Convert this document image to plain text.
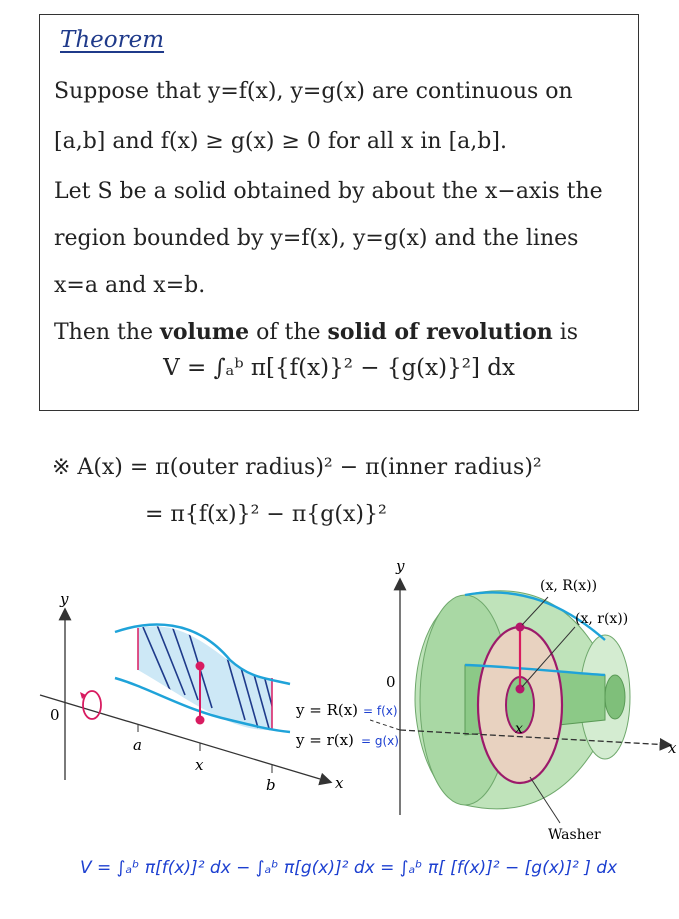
Theorem
Suppose that y=f(x), y=g(x) are continuous on
[a,b] and f(x) ≥ g(x) ≥ 0 for all x in [a,b].
Let S be a solid obtained by about the x−axis the
region bounded by y=f(x), y=g(x) and the lines
x=a and x=b.
Then the volume of the solid of revolution is
V = ∫ₐᵇ π[{f(x)}² − {g(x)}²] dx
※ A(x) = π(outer radius)² − π(inner radius)²
= π{f(x)}² − π{g(x)}²
y
x
0
a
x
b
y = R(x) = f(x)
y = r(x) = g(x)
y
x
0
(x, R(x))
(x, r(x))
x
Washer
V = ∫ₐᵇ π[f(x)]² dx − ∫ₐᵇ π[g(x)]² dx = ∫ₐᵇ π[ [f(x)]² − [g(x)]² ] dx
